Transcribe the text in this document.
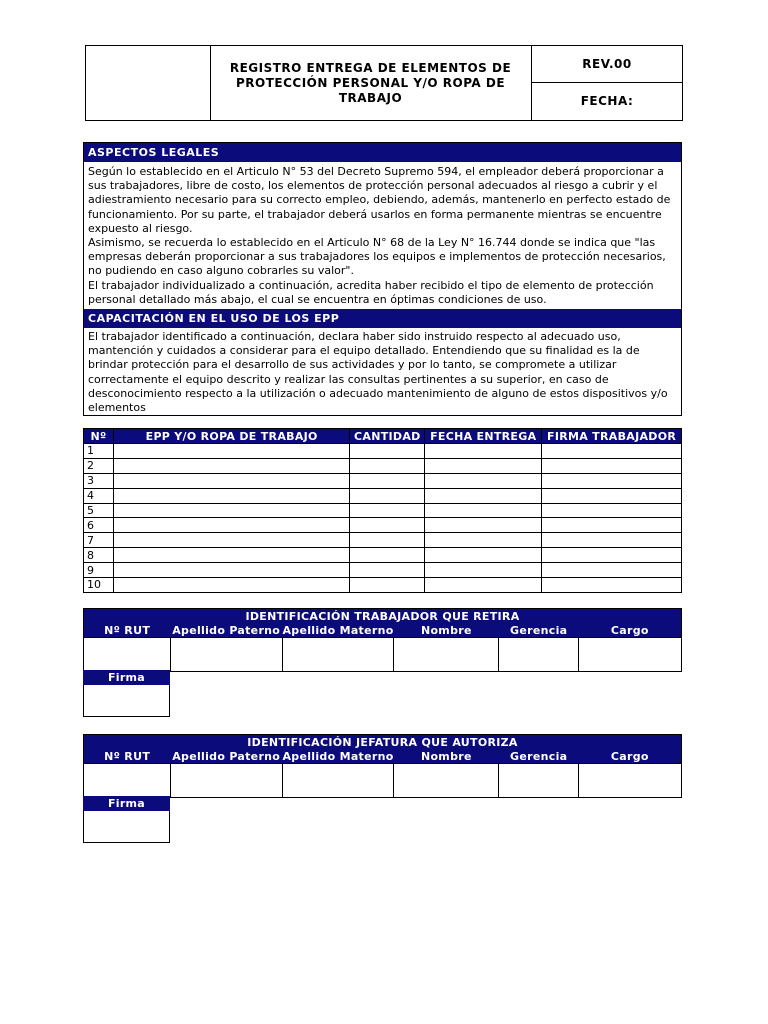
REGISTRO ENTREGA DE ELEMENTOS DE PROTECCIÓN PERSONAL Y/O ROPA DE TRABAJO
REV.00
FECHA:
ASPECTOS LEGALES

Según lo establecido en el Articulo N° 53 del Decreto Supremo 594, el empleador deberá proporcionar a sus trabajadores, libre de costo, los elementos de protección personal adecuados al riesgo a cubrir y el adiestramiento necesario para su correcto empleo, debiendo, además, mantenerlo en perfecto estado de funcionamiento. Por su parte, el trabajador deberá usarlos en forma permanente mientras se encuentre expuesto al riesgo.

Asimismo, se recuerda lo establecido en el Articulo N° 68 de la Ley N° 16.744 donde se indica que "las empresas deberán proporcionar a sus trabajadores los equipos e implementos de protección necesarios, no pudiendo en caso alguno cobrarles su valor".

El trabajador individualizado a continuación, acredita haber recibido el tipo de elemento de protección personal detallado más abajo, el cual se encuentra en óptimas condiciones de uso.

CAPACITACIÓN EN EL USO DE LOS EPP
El trabajador identificado a continuación, declara haber sido instruido respecto al adecuado uso, mantención y cuidados a considerar para el equipo detallado. Entendiendo que su finalidad es la de brindar protección para el desarrollo de sus actividades y por lo tanto, se compromete a utilizar correctamente el equipo descrito y realizar las consultas pertinentes a su superior, en caso de desconocimiento respecto a la utilización o adecuado mantenimiento de alguno de estos dispositivos y/o elementos
Nº	EPP Y/O ROPA DE TRABAJO	CANTIDAD	FECHA ENTREGA	FIRMA TRABAJADOR
1				
2				
3				
4				
5				
6				
7				
8				
9				
10				
IDENTIFICACIÓN TRABAJADOR QUE RETIRA					
Nº RUT	Apellido Paterno	Apellido Materno	Nombre	Gerencia	Cargo

Firma
IDENTIFICACIÓN JEFATURA QUE AUTORIZA					
Nº RUT	Apellido Paterno	Apellido Materno	Nombre	Gerencia	Cargo

Firma
